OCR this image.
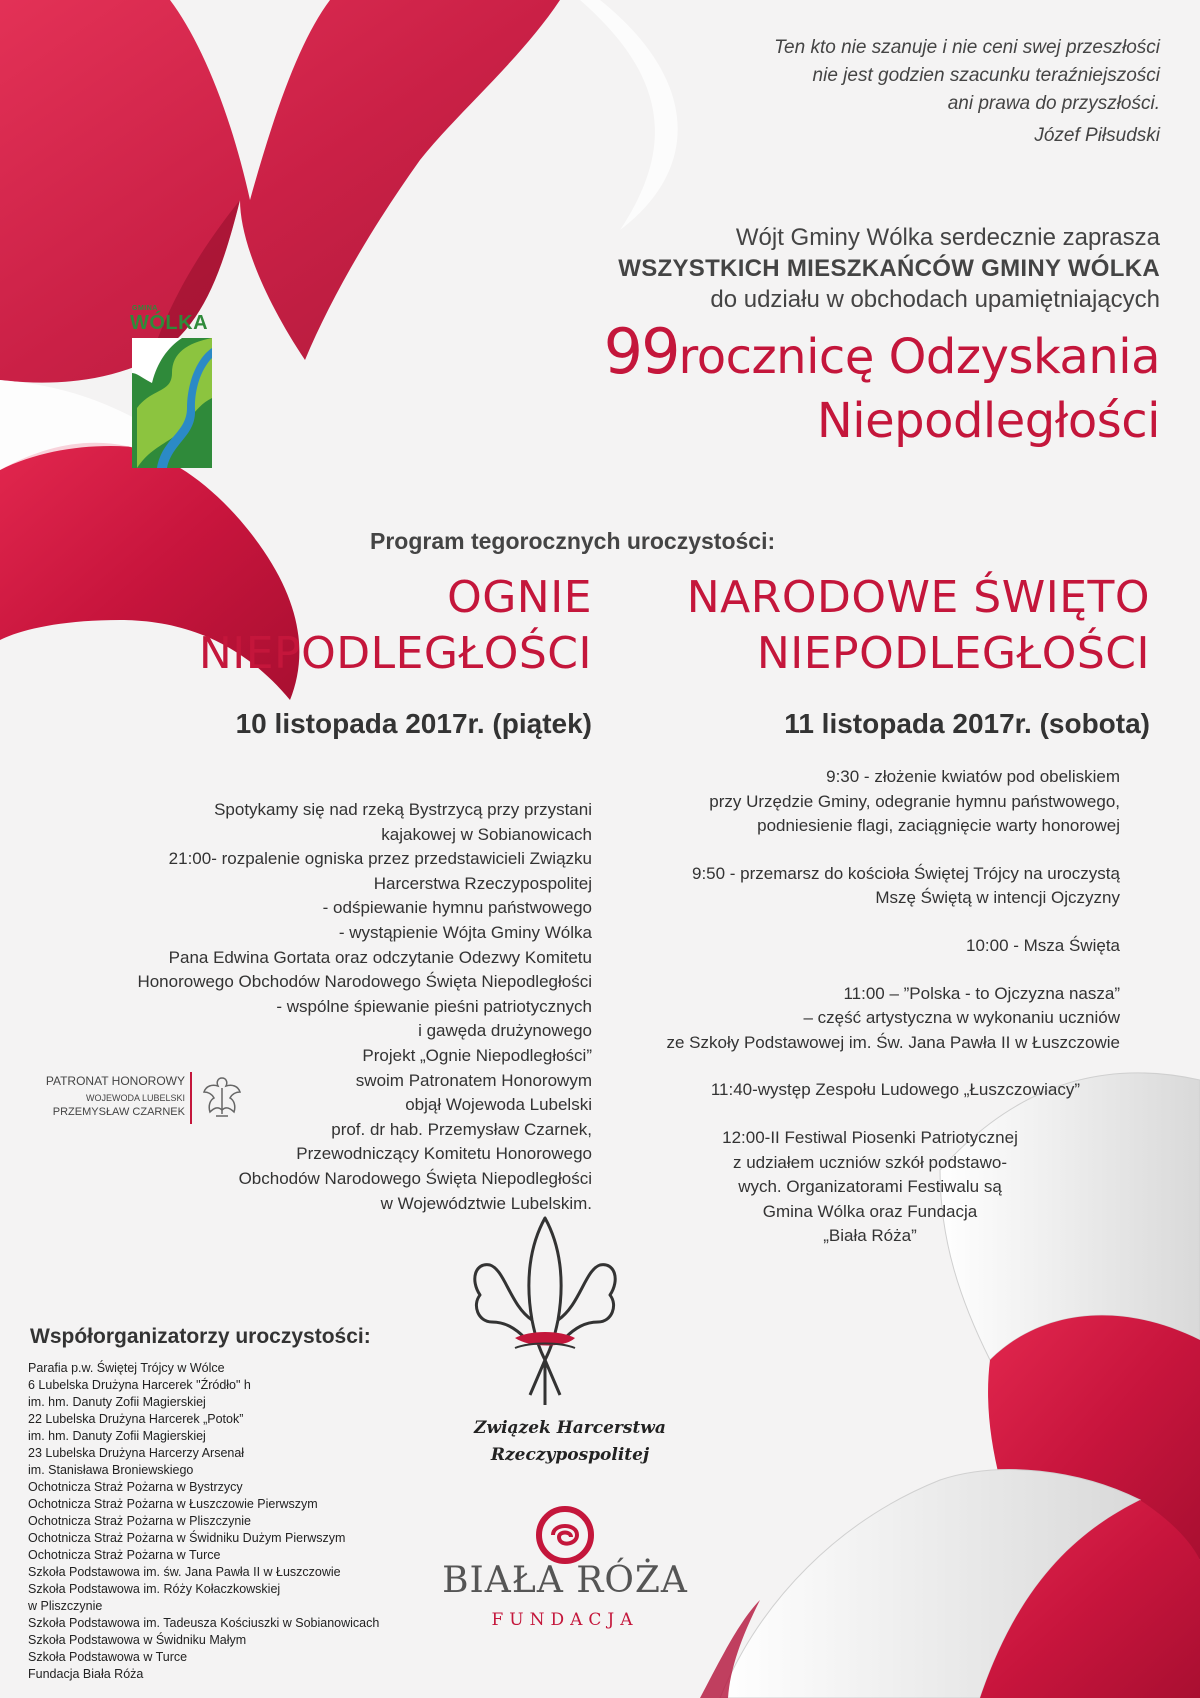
GMINA
WÓLKA
Ten kto nie szanuje i nie ceni swej przeszłości
nie jest godzien szacunku teraźniejszości
ani prawa do przyszłości.
Józef Piłsudski
Wójt Gminy Wólka serdecznie zaprasza
WSZYSTKICH MIESZKAŃCÓW GMINY WÓLKA
do udziału w obchodach upamiętniających
99rocznicę Odzyskania
Niepodległości
Program tegorocznych uroczystości:
OGNIE
NIEPODLEGŁOŚCI
10 listopada 2017r. (piątek)
NARODOWE ŚWIĘTO
NIEPODLEGŁOŚCI
11 listopada 2017r. (sobota)
Spotykamy się nad rzeką Bystrzycą przy przystani
kajakowej w Sobianowicach
21:00- rozpalenie ogniska przez przedstawicieli Związku
Harcerstwa Rzeczypospolitej
- odśpiewanie hymnu państwowego
- wystąpienie Wójta Gminy Wólka
Pana Edwina Gortata oraz odczytanie Odezwy Komitetu
Honorowego Obchodów Narodowego Święta Niepodległości
- wspólne śpiewanie pieśni patriotycznych
i gawęda drużynowego
Projekt „Ognie Niepodległości”
swoim Patronatem Honorowym
objął Wojewoda Lubelski
prof. dr hab. Przemysław Czarnek,
Przewodniczący Komitetu Honorowego
Obchodów Narodowego Święta Niepodległości
w Województwie Lubelskim.
PATRONAT HONOROWY
WOJEWODA LUBELSKI
PRZEMYSŁAW CZARNEK
9:30 - złożenie kwiatów pod obeliskiem
przy Urzędzie Gminy, odegranie hymnu państwowego,
podniesienie flagi, zaciągnięcie warty honorowej
9:50 - przemarsz do kościoła Świętej Trójcy na uroczystą
Mszę Świętą w intencji Ojczyzny
10:00 - Msza Święta
11:00 – ”Polska - to Ojczyzna nasza”
– część artystyczna w wykonaniu uczniów
ze Szkoły Podstawowej im. Św. Jana Pawła II w Łuszczowie
11:40-występ Zespołu Ludowego „Łuszczowiacy”
12:00-II Festiwal Piosenki Patriotycznej
z udziałem uczniów szkół podstawo-
wych. Organizatorami Festiwalu są
Gmina Wólka oraz Fundacja
„Biała Róża”
Współorganizatorzy uroczystości:
Parafia p.w. Świętej Trójcy w Wólce
6 Lubelska Drużyna Harcerek "Źródło" h
im. hm. Danuty Zofii Magierskiej
22 Lubelska Drużyna Harcerek „Potok”
im. hm. Danuty Zofii Magierskiej
23 Lubelska Drużyna Harcerzy Arsenał
im. Stanisława Broniewskiego
Ochotnicza Straż Pożarna w Bystrzycy
Ochotnicza Straż Pożarna w Łuszczowie Pierwszym
Ochotnicza Straż Pożarna w Pliszczynie
Ochotnicza Straż Pożarna w Świdniku Dużym Pierwszym
Ochotnicza Straż Pożarna w Turce
Szkoła Podstawowa im. św. Jana Pawła II w Łuszczowie
Szkoła Podstawowa im. Róży Kołaczkowskiej
w Pliszczynie
Szkoła Podstawowa im. Tadeusza Kościuszki w Sobianowicach
Szkoła Podstawowa w Świdniku Małym
Szkoła Podstawowa w Turce
Fundacja Biała Róża
Związek Harcerstwa
Rzeczypospolitej
BIAŁA RÓŻA
FUNDACJA
